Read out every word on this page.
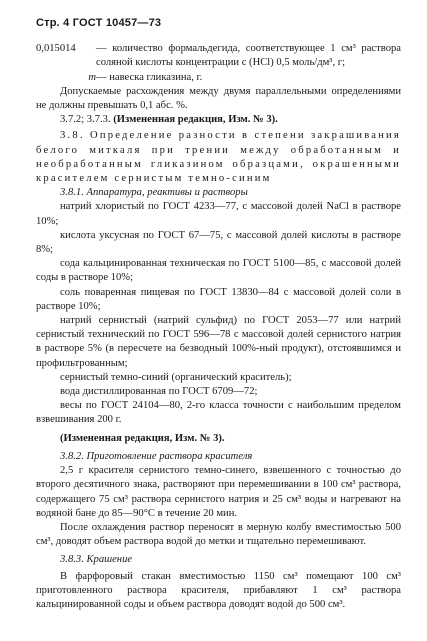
Стр. 4 ГОСТ 10457—73
0,015014	— количество формальдегида, соответствующее 1 см³ раствора соляной кислоты концентрации с (HCl) 0,5 моль/дм³, г;
m — навеска гликазина, г.

Допускаемые расхождения между двумя параллельными определениями не должны превышать 0,1 абс. %.

3.7.2; 3.7.3. (Измененная редакция, Изм. № 3).

3.8. Определение разности в степени закрашивания белого миткаля при трении между обработанным и необработанным гликазином образцами, окрашенными красителем сернистым темно-синим

3.8.1. Аппаратура, реактивы и растворы

натрий хлористый по ГОСТ 4233—77, с массовой долей NaCl в растворе 10%;

кислота уксусная по ГОСТ 67—75, с массовой долей кислоты в растворе 8%;

сода кальцинированная техническая по ГОСТ 5100—85, с массовой долей соды в растворе 10%;

соль поваренная пищевая по ГОСТ 13830—84 с массовой долей соли в растворе 10%;

натрий сернистый (натрий сульфид) по ГОСТ 2053—77 или натрий сернистый технический по ГОСТ 596—78 с массовой долей сернистого натрия в растворе 5% (в пересчете на безводный 100%-ный продукт), отстоявшимся и профильтрованным;

сернистый темно-синий (органический краситель);

вода дистиллированная по ГОСТ 6709—72;

весы по ГОСТ 24104—80, 2-го класса точности с наибольшим пределом взвешивания 200 г.

(Измененная редакция, Изм. № 3).

3.8.2. Приготовление раствора красителя

2,5 г красителя сернистого темно-синего, взвешенного с точностью до второго десятичного знака, растворяют при перемешивании в 100 см³ раствора, содержащего 75 см³ раствора сернистого натрия и 25 см³ воды и нагревают на водяной бане до 85—90°С в течение 20 мин.

После охлаждения раствор переносят в мерную колбу вместимостью 500 см³, доводят объем раствора водой до метки и тщательно перемешивают.

3.8.3. Крашение

В фарфоровый стакан вместимостью 1150 см³ помещают 100 см³ приготовленного раствора красителя, прибавляют 1 см³ раствора кальцинированной соды и объем раствора доводят водой до 500 см³.
